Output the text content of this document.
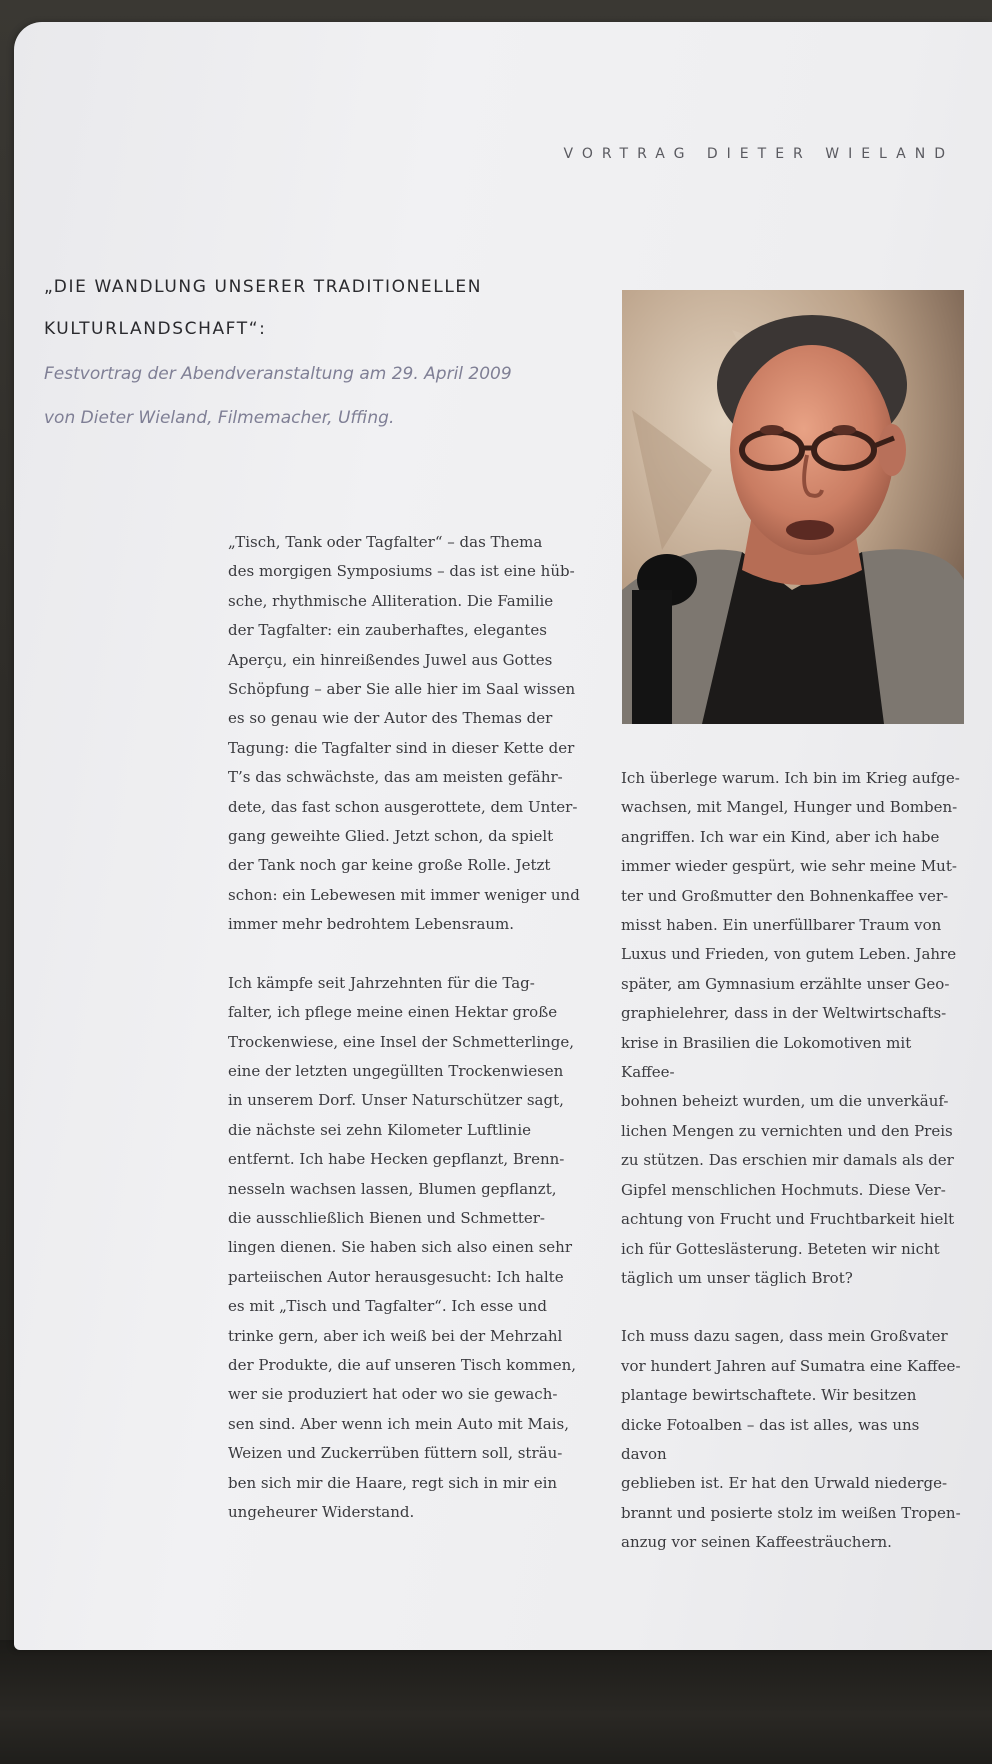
VORTRAG DIETER WIELAND
„DIE WANDLUNG UNSERER TRADITIONELLEN
KULTURLANDSCHAFT“:
Festvortrag der Abendveranstaltung am 29. April 2009
von Dieter Wieland, Filmemacher, Uffing.

„Tisch, Tank oder Tagfalter“ – das Thema
des morgigen Symposiums – das ist eine hüb-
sche, rhythmische Alliteration. Die Familie
der Tagfalter: ein zauberhaftes, elegantes
Aperçu, ein hinreißendes Juwel aus Gottes
Schöpfung – aber Sie alle hier im Saal wissen
es so genau wie der Autor des Themas der
Tagung: die Tagfalter sind in dieser Kette der
T’s das schwächste, das am meisten gefähr-
dete, das fast schon ausgerottete, dem Unter-
gang geweihte Glied. Jetzt schon, da spielt
der Tank noch gar keine große Rolle. Jetzt
schon: ein Lebewesen mit immer weniger und
immer mehr bedrohtem Lebensraum.

Ich kämpfe seit Jahrzehnten für die Tag-
falter, ich pflege meine einen Hektar große
Trockenwiese, eine Insel der Schmetterlinge,
eine der letzten ungegüllten Trockenwiesen
in unserem Dorf. Unser Naturschützer sagt,
die nächste sei zehn Kilometer Luftlinie
entfernt. Ich habe Hecken gepflanzt, Brenn-
nesseln wachsen lassen, Blumen gepflanzt,
die ausschließlich Bienen und Schmetter-
lingen dienen. Sie haben sich also einen sehr
parteiischen Autor herausgesucht: Ich halte
es mit „Tisch und Tagfalter“. Ich esse und
trinke gern, aber ich weiß bei der Mehrzahl
der Produkte, die auf unseren Tisch kommen,
wer sie produziert hat oder wo sie gewach-
sen sind. Aber wenn ich mein Auto mit Mais,
Weizen und Zuckerrüben füttern soll, sträu-
ben sich mir die Haare, regt sich in mir ein
ungeheurer Widerstand.

Ich überlege warum. Ich bin im Krieg aufge-
wachsen, mit Mangel, Hunger und Bomben-
angriffen. Ich war ein Kind, aber ich habe
immer wieder gespürt, wie sehr meine Mut-
ter und Großmutter den Bohnenkaffee ver-
misst haben. Ein unerfüllbarer Traum von
Luxus und Frieden, von gutem Leben. Jahre
später, am Gymnasium erzählte unser Geo-
graphielehrer, dass in der Weltwirtschafts-
krise in Brasilien die Lokomotiven mit Kaffee-
bohnen beheizt wurden, um die unverkäuf-
lichen Mengen zu vernichten und den Preis
zu stützen. Das erschien mir damals als der
Gipfel menschlichen Hochmuts. Diese Ver-
achtung von Frucht und Fruchtbarkeit hielt
ich für Gotteslästerung. Beteten wir nicht
täglich um unser täglich Brot?

Ich muss dazu sagen, dass mein Großvater
vor hundert Jahren auf Sumatra eine Kaffee-
plantage bewirtschaftete. Wir besitzen
dicke Fotoalben – das ist alles, was uns davon
geblieben ist. Er hat den Urwald niederge-
brannt und posierte stolz im weißen Tropen-
anzug vor seinen Kaffeesträuchern.
